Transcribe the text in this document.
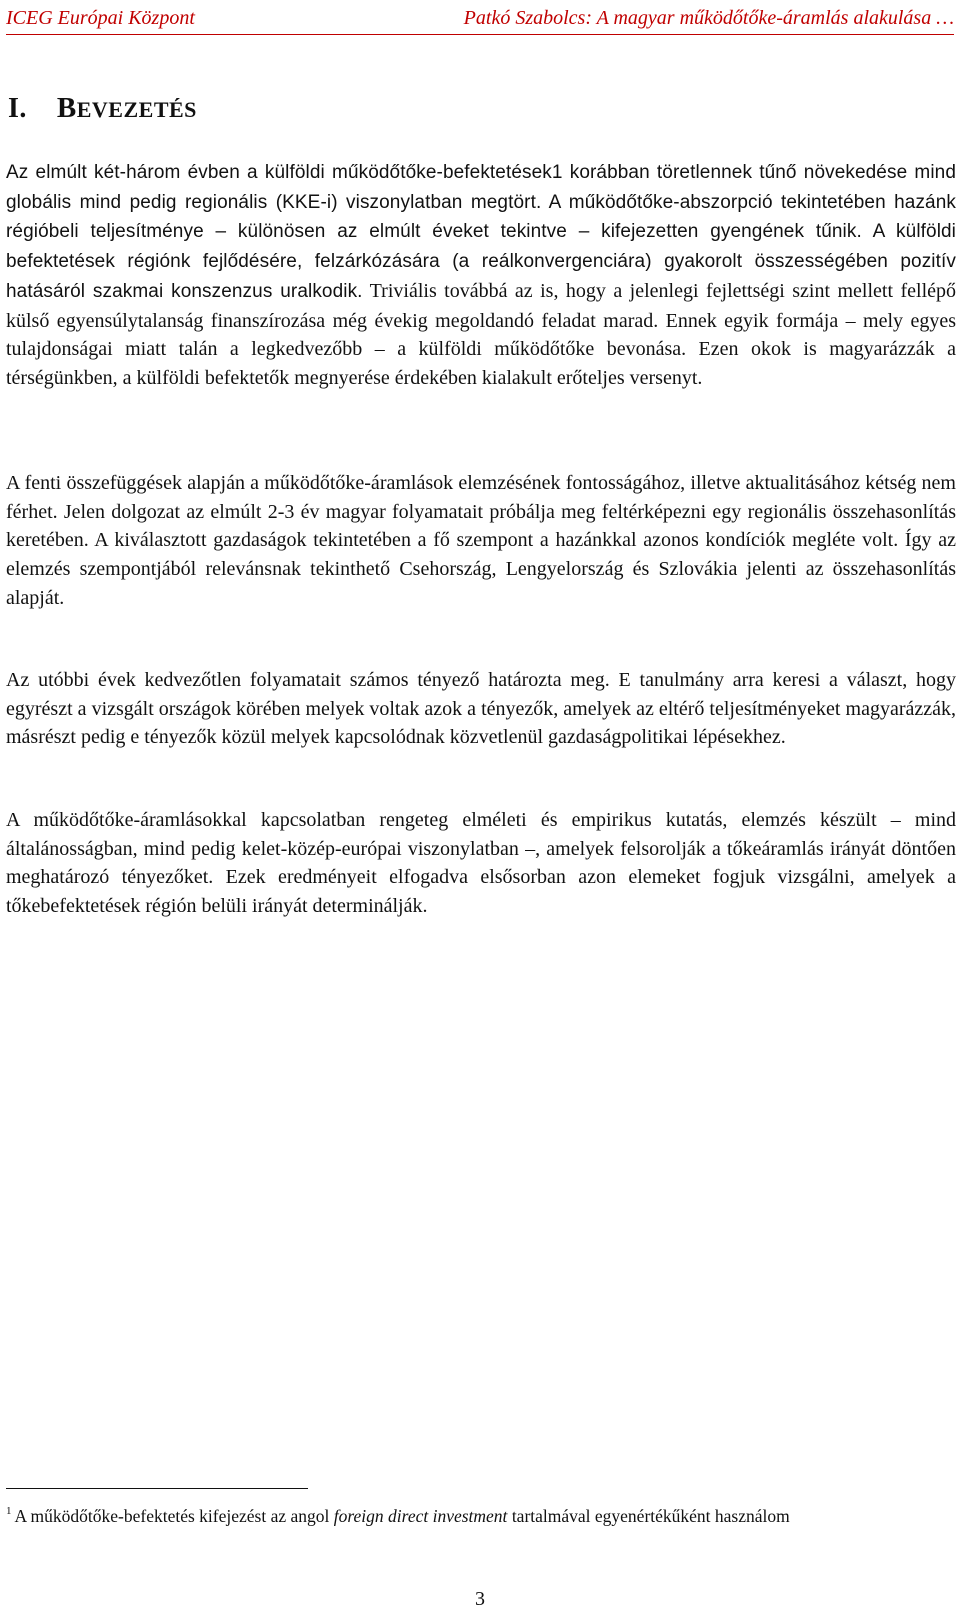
ICEG Európai Központ	Patkó Szabolcs: A magyar működőtőke-áramlás alakulása …
I. BEVEZETÉS

Az elmúlt két-három évben a külföldi működőtőke-befektetések1 korábban töretlennek tűnő növekedése mind globális mind pedig regionális (KKE-i) viszonylatban megtört. A működőtőke-abszorpció tekintetében hazánk régióbeli teljesítménye – különösen az elmúlt éveket tekintve – kifejezetten gyengének tűnik. A külföldi befektetések régiónk fejlődésére, felzárkózására (a reálkonvergenciára) gyakorolt összességében pozitív hatásáról szakmai konszenzus uralkodik. Triviális továbbá az is, hogy a jelenlegi fejlettségi szint mellett fellépő külső egyensúlytalanság finanszírozása még évekig megoldandó feladat marad. Ennek egyik formája – mely egyes tulajdonságai miatt talán a legkedvezőbb – a külföldi működőtőke bevonása. Ezen okok is magyarázzák a térségünkben, a külföldi befektetők megnyerése érdekében kialakult erőteljes versenyt.

A fenti összefüggések alapján a működőtőke-áramlások elemzésének fontosságához, illetve aktualitásához kétség nem férhet. Jelen dolgozat az elmúlt 2-3 év magyar folyamatait próbálja meg feltérképezni egy regionális összehasonlítás keretében. A kiválasztott gazdaságok tekintetében a fő szempont a hazánkkal azonos kondíciók megléte volt. Így az elemzés szempontjából relevánsnak tekinthető Csehország, Lengyelország és Szlovákia jelenti az összehasonlítás alapját.

Az utóbbi évek kedvezőtlen folyamatait számos tényező határozta meg. E tanulmány arra keresi a választ, hogy egyrészt a vizsgált országok körében melyek voltak azok a tényezők, amelyek az eltérő teljesítményeket magyarázzák, másrészt pedig e tényezők közül melyek kapcsolódnak közvetlenül gazdaságpolitikai lépésekhez.

A működőtőke-áramlásokkal kapcsolatban rengeteg elméleti és empirikus kutatás, elemzés készült – mind általánosságban, mind pedig kelet-közép-európai viszonylatban –, amelyek felsorolják a tőkeáramlás irányát döntően meghatározó tényezőket. Ezek eredményeit elfogadva elsősorban azon elemeket fogjuk vizsgálni, amelyek a tőkebefektetések régión belüli irányát determinálják.

$^1$ A működőtőke-befektetés kifejezést az angol foreign direct investment tartalmával egyenértékűként használom
3
